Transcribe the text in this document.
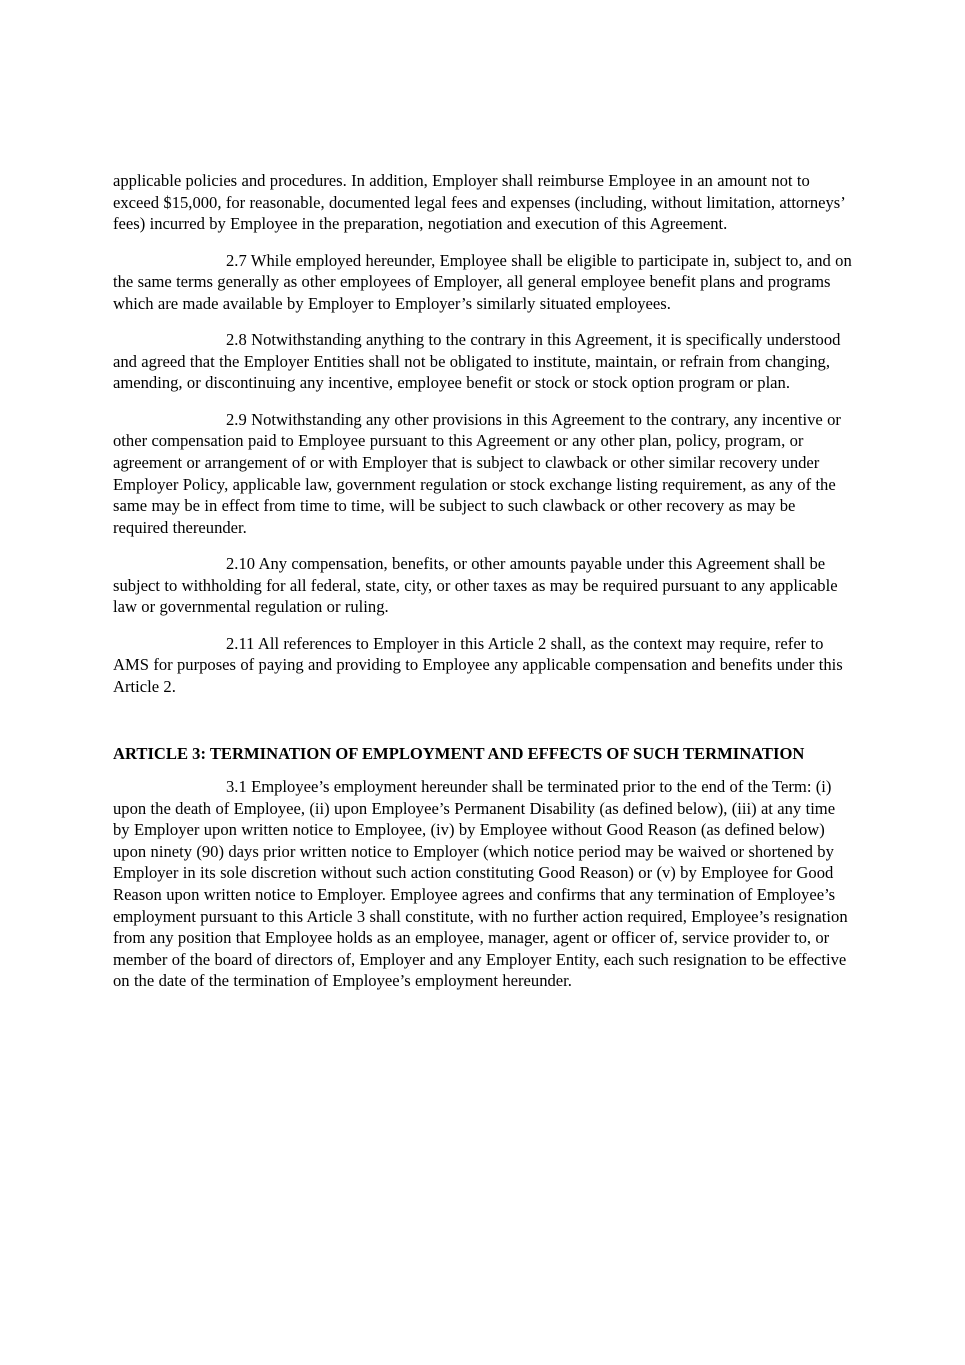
applicable policies and procedures. In addition, Employer shall reimburse Employee in an amount not to exceed $15,000, for reasonable, documented legal fees and expenses (including, without limitation, attorneys’ fees) incurred by Employee in the preparation, negotiation and execution of this Agreement.

2.7 While employed hereunder, Employee shall be eligible to participate in, subject to, and on the same terms generally as other employees of Employer, all general employee benefit plans and programs which are made available by Employer to Employer’s similarly situated employees.

2.8 Notwithstanding anything to the contrary in this Agreement, it is specifically understood and agreed that the Employer Entities shall not be obligated to institute, maintain, or refrain from changing, amending, or discontinuing any incentive, employee benefit or stock or stock option program or plan.

2.9 Notwithstanding any other provisions in this Agreement to the contrary, any incentive or other compensation paid to Employee pursuant to this Agreement or any other plan, policy, program, or agreement or arrangement of or with Employer that is subject to clawback or other similar recovery under Employer Policy, applicable law, government regulation or stock exchange listing requirement, as any of the same may be in effect from time to time, will be subject to such clawback or other recovery as may be required thereunder.

2.10 Any compensation, benefits, or other amounts payable under this Agreement shall be subject to withholding for all federal, state, city, or other taxes as may be required pursuant to any applicable law or governmental regulation or ruling.

2.11 All references to Employer in this Article 2 shall, as the context may require, refer to AMS for purposes of paying and providing to Employee any applicable compensation and benefits under this Article 2.

ARTICLE 3: TERMINATION OF EMPLOYMENT AND EFFECTS OF SUCH TERMINATION

3.1 Employee’s employment hereunder shall be terminated prior to the end of the Term: (i) upon the death of Employee, (ii) upon Employee’s Permanent Disability (as defined below), (iii) at any time by Employer upon written notice to Employee, (iv) by Employee without Good Reason (as defined below) upon ninety (90) days prior written notice to Employer (which notice period may be waived or shortened by Employer in its sole discretion without such action constituting Good Reason) or (v) by Employee for Good Reason upon written notice to Employer. Employee agrees and confirms that any termination of Employee’s employment pursuant to this Article 3 shall constitute, with no further action required, Employee’s resignation from any position that Employee holds as an employee, manager, agent or officer of, service provider to, or member of the board of directors of, Employer and any Employer Entity, each such resignation to be effective on the date of the termination of Employee’s employment hereunder.
